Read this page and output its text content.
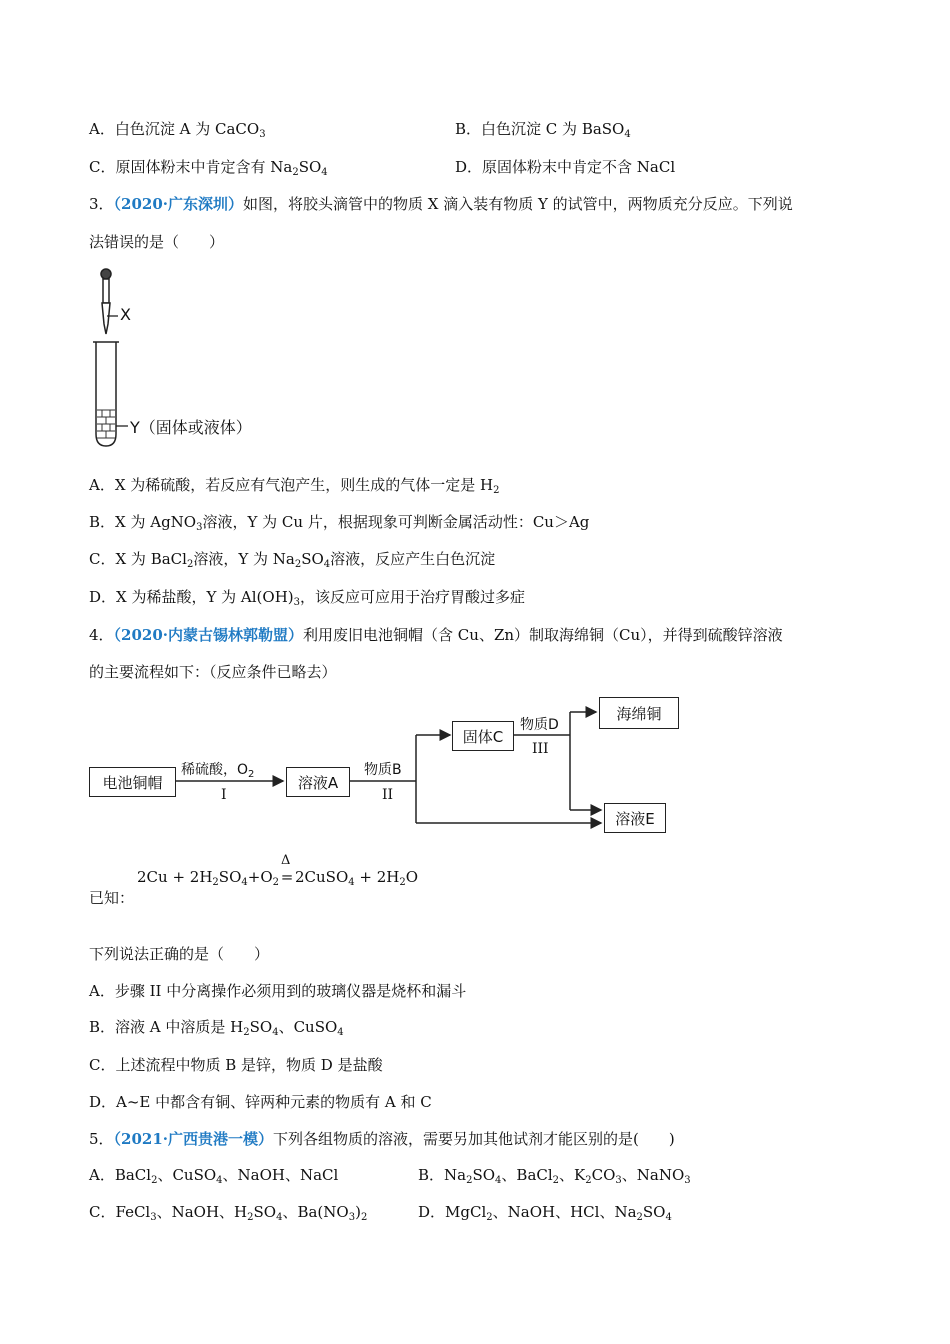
A．白色沉淀 A 为 CaCO$_3$	B．白色沉淀 C 为 BaSO$_4$
C．原固体粉末中肯定含有 $Na_2SO_4$	D．原固体粉末中肯定不含 NaCl
3．（2020·广东深圳）如图，将胶头滴管中的物质 X 滴入装有物质 Y 的试管中，两物质充分反应。下列说
法错误的是（　　）
X
Y（固体或液体）
A．X 为稀硫酸，若反应有气泡产生，则生成的气体一定是 $H_2$
B．X 为 AgNO$_3$溶液，Y 为 Cu 片，根据现象可判断金属活动性：Cu＞Ag
C．X 为 BaCl$_2$溶液，Y 为 $Na_2SO_4$溶液，反应产生白色沉淀
D．X 为稀盐酸，Y 为 $Al(OH)_3$，该反应可应用于治疗胃酸过多症
4．（2020·内蒙古锡林郭勒盟）利用废旧电池铜帽（含 Cu、Zn）制取海绵铜（Cu），并得到硫酸锌溶液
的主要流程如下：（反应条件已略去）
电池铜帽	溶液A
固体C
海绵铜
溶液E
稀硫酸，$O_2$
I
物质B
II
物质D
III
已知：
$2Cu + 2H_2SO_4+O_2$
Δ
= 2CuSO$_4$ + $2H_2O$
下列说法正确的是（　　）
A．步骤 II 中分离操作必须用到的玻璃仪器是烧杯和漏斗
B．溶液 A 中溶质是 $H_2SO_4$、CuSO$_4$
C．上述流程中物质 B 是锌，物质 D 是盐酸
D．A~E 中都含有铜、锌两种元素的物质有 A 和 C
5．（2021·广西贵港一模）下列各组物质的溶液，需要另加其他试剂才能区别的是(　　)
A．BaCl$_2$、CuSO$_4$、NaOH、NaCl	B．$Na_2SO_4$、BaCl$_2$、$K_2CO_3$、NaNO$_3$
C．FeCl$_3$、NaOH、$H_2SO_4$、$Ba(NO_3)_2$	D．MgCl$_2$、NaOH、HCl、$Na_2SO_4$
